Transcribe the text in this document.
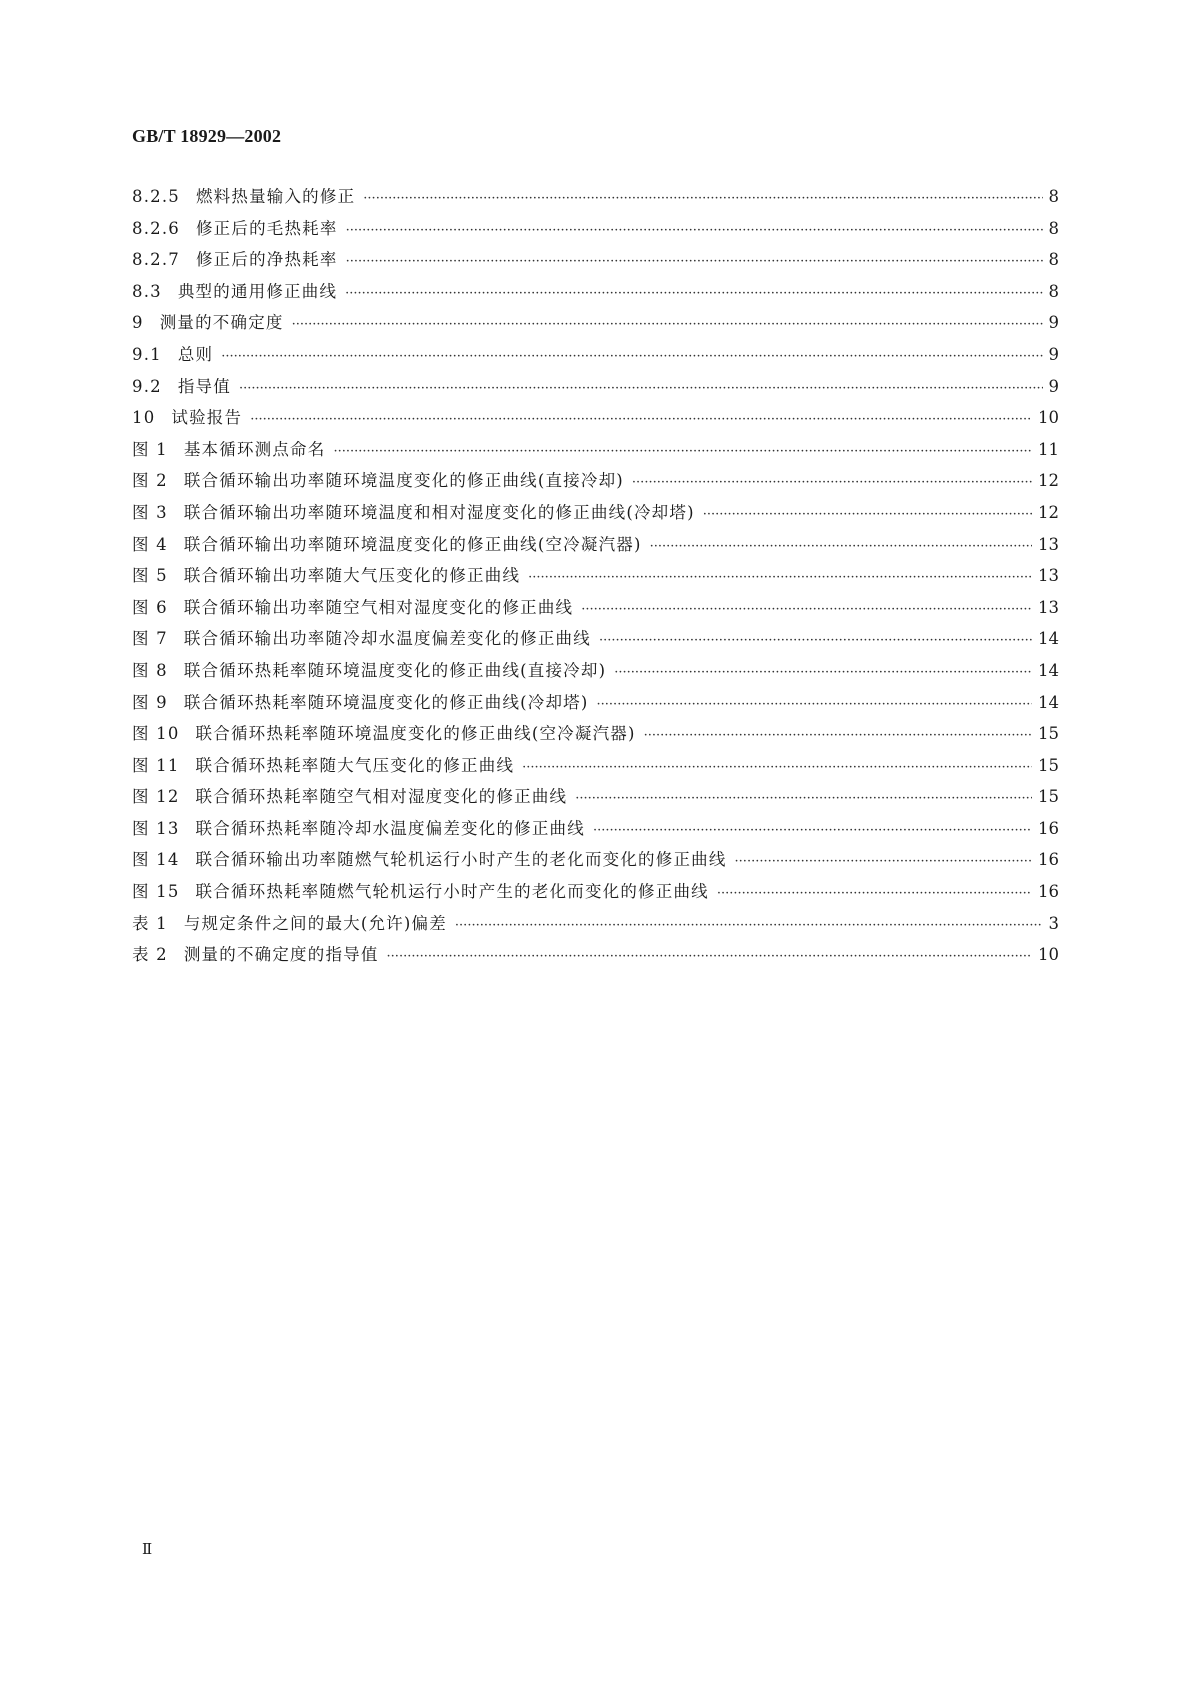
GB/T 18929—2002
8.2.5 燃料热量输入的修正 ·····	8
8.2.6 修正后的毛热耗率 ·····	8
8.2.7 修正后的净热耗率 ·····	8
8.3 典型的通用修正曲线 ·····	8
9 测量的不确定度 ·····	9
9.1 总则 ·····	9
9.2 指导值 ·····	9
10 试验报告 ·····	10
图 1 基本循环测点命名 ·····	11
图 2 联合循环输出功率随环境温度变化的修正曲线(直接冷却) ·····	12
图 3 联合循环输出功率随环境温度和相对湿度变化的修正曲线(冷却塔) ·····	12
图 4 联合循环输出功率随环境温度变化的修正曲线(空冷凝汽器) ·····	13
图 5 联合循环输出功率随大气压变化的修正曲线 ·····	13
图 6 联合循环输出功率随空气相对湿度变化的修正曲线 ·····	13
图 7 联合循环输出功率随冷却水温度偏差变化的修正曲线 ·····	14
图 8 联合循环热耗率随环境温度变化的修正曲线(直接冷却) ·····	14
图 9 联合循环热耗率随环境温度变化的修正曲线(冷却塔) ·····	14
图 10 联合循环热耗率随环境温度变化的修正曲线(空冷凝汽器) ·····	15
图 11 联合循环热耗率随大气压变化的修正曲线 ·····	15
图 12 联合循环热耗率随空气相对湿度变化的修正曲线 ·····	15
图 13 联合循环热耗率随冷却水温度偏差变化的修正曲线 ·····	16
图 14 联合循环输出功率随燃气轮机运行小时产生的老化而变化的修正曲线 ·····	16
图 15 联合循环热耗率随燃气轮机运行小时产生的老化而变化的修正曲线 ·····	16
表 1 与规定条件之间的最大(允许)偏差 ·····	3
表 2 测量的不确定度的指导值 ·····	10
Ⅱ
